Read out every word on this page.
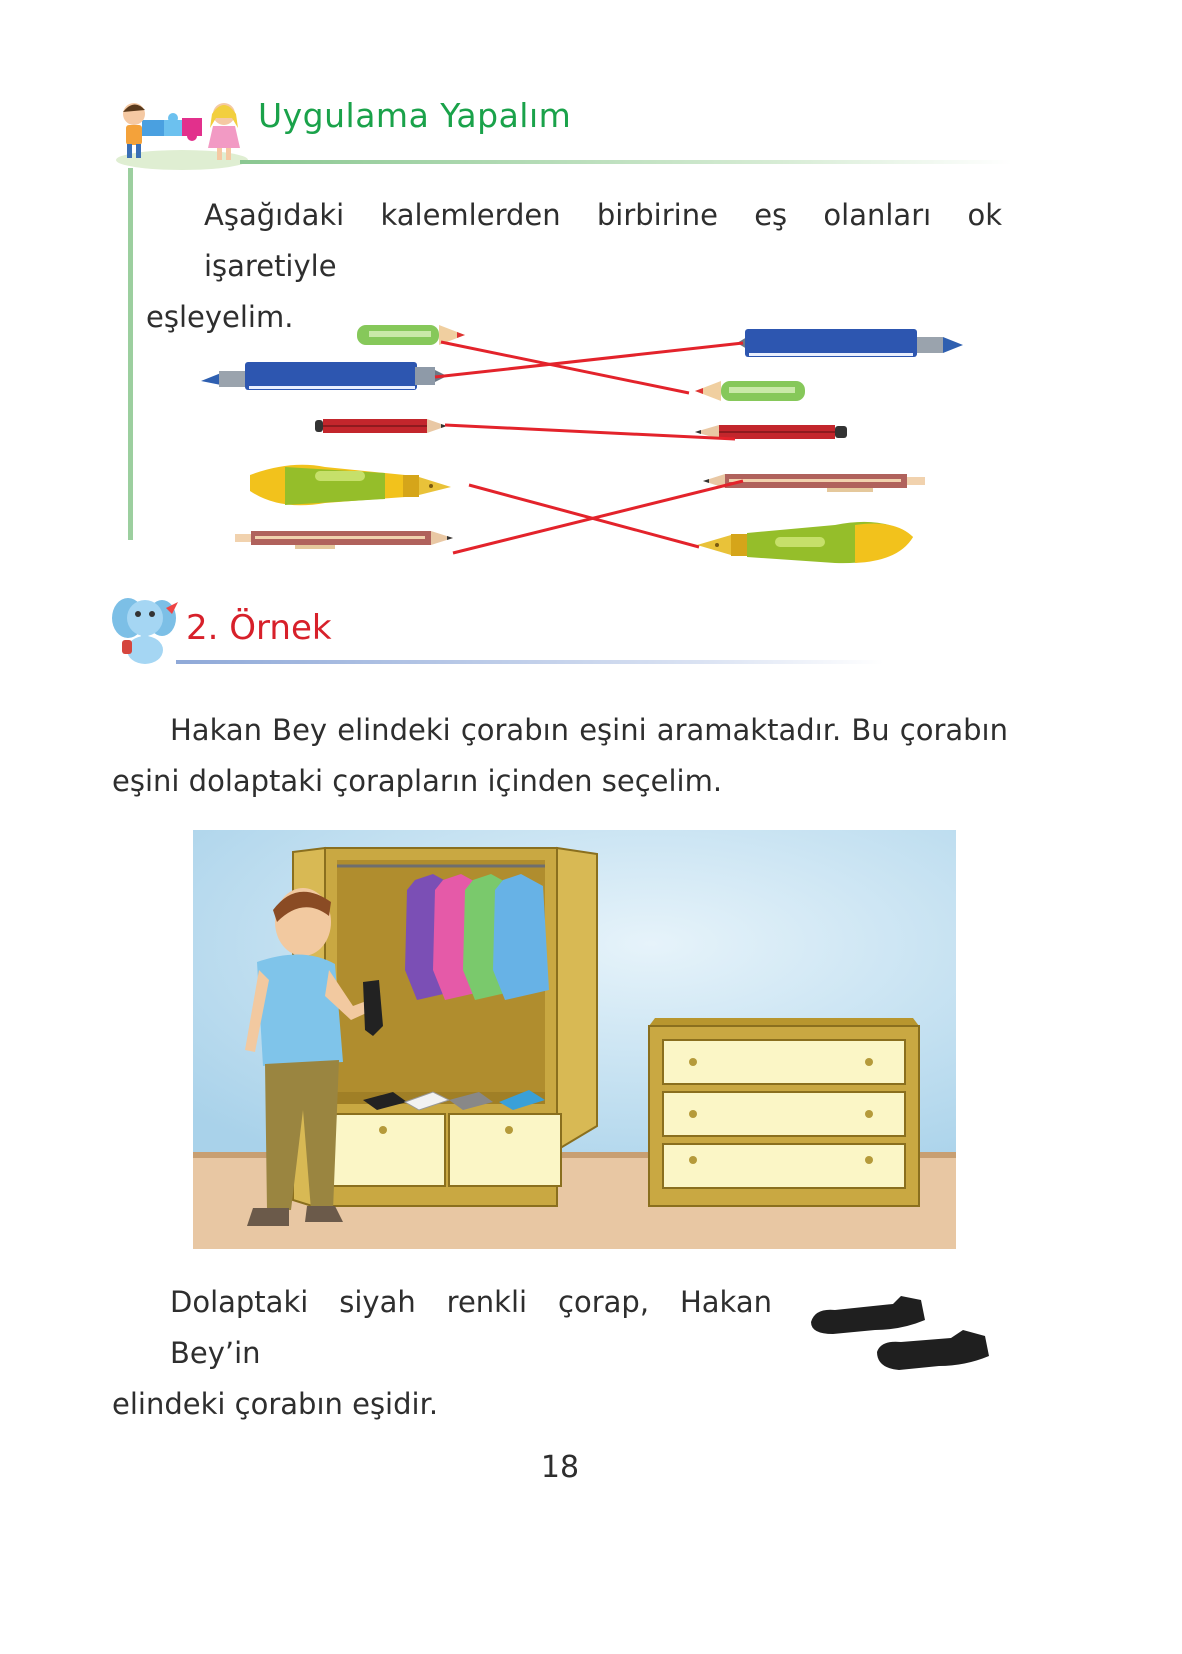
Uygulama Yapalım
Aşağıdaki kalemlerden birbirine eş olanları ok işaretiyle
eşleyelim.
2. Örnek
Hakan Bey elindeki çorabın eşini aramaktadır. Bu çorabın
eşini dolaptaki çorapların içinden seçelim.
Dolaptaki siyah renkli çorap, Hakan Bey’in
elindeki çorabın eşidir.
18
